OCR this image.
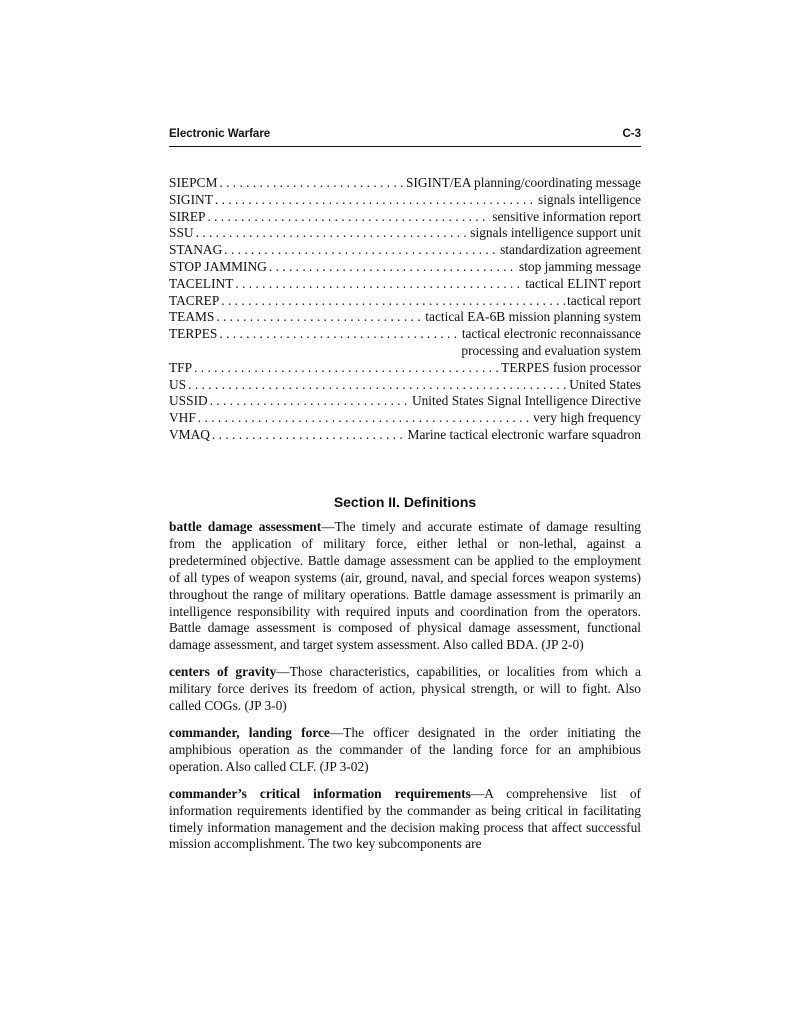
Electronic Warfare	C-3
SIEPCM . . .	SIGINT/EA planning/coordinating message
SIGINT . . .	signals intelligence
SIREP . . .	sensitive information report
SSU . . .	signals intelligence support unit
STANAG . . .	standardization agreement
STOP JAMMING . . .	stop jamming message
TACELINT . . .	tactical ELINT report
TACREP . . .	tactical report
TEAMS . . .	tactical EA-6B mission planning system
TERPES . . .	tactical electronic reconnaissance
processing and evaluation system
TFP . . .	TERPES fusion processor
US . . .	United States
USSID . . .	United States Signal Intelligence Directive
VHF . . .	very high frequency
VMAQ . . .	Marine tactical electronic warfare squadron
Section II. Definitions

battle damage assessment—The timely and accurate estimate of damage resulting from the application of military force, either lethal or non-lethal, against a predetermined objective. Battle damage assessment can be applied to the employment of all types of weapon systems (air, ground, naval, and special forces weapon systems) throughout the range of military operations. Battle damage assessment is primarily an intelligence responsibility with required inputs and coordination from the operators. Battle damage assessment is composed of physical damage assessment, functional damage assessment, and target system assessment. Also called BDA. (JP 2-0)

centers of gravity—Those characteristics, capabilities, or localities from which a military force derives its freedom of action, physical strength, or will to fight. Also called COGs. (JP 3-0)

commander, landing force—The officer designated in the order initiating the amphibious operation as the commander of the landing force for an amphibious operation. Also called CLF. (JP 3-02)

commander’s critical information requirements—A comprehensive list of information requirements identified by the commander as being critical in facilitating timely information management and the decision making process that affect successful mission accomplishment. The two key subcomponents are
